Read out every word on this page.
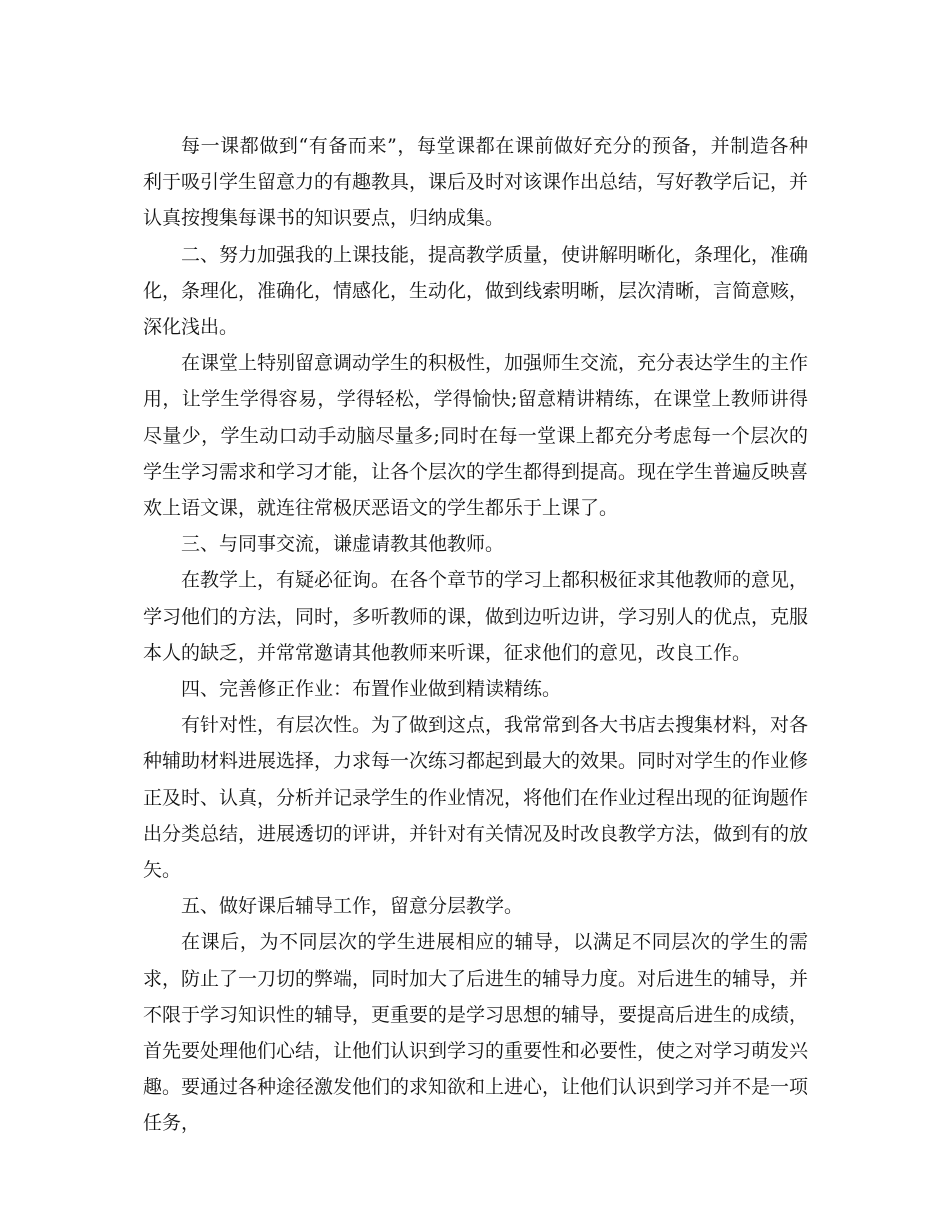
每一课都做到“有备而来”，每堂课都在课前做好充分的预备，并制造各种利于吸引学生留意力的有趣教具，课后及时对该课作出总结，写好教学后记，并认真按搜集每课书的知识要点，归纳成集。

二、努力加强我的上课技能，提高教学质量，使讲解明晰化，条理化，准确化，条理化，准确化，情感化，生动化，做到线索明晰，层次清晰，言简意赅，深化浅出。

在课堂上特别留意调动学生的积极性，加强师生交流，充分表达学生的主作用，让学生学得容易，学得轻松，学得愉快;留意精讲精练，在课堂上教师讲得尽量少，学生动口动手动脑尽量多;同时在每一堂课上都充分考虑每一个层次的学生学习需求和学习才能，让各个层次的学生都得到提高。现在学生普遍反映喜欢上语文课，就连往常极厌恶语文的学生都乐于上课了。

三、与同事交流，谦虚请教其他教师。

在教学上，有疑必征询。在各个章节的学习上都积极征求其他教师的意见，学习他们的方法，同时，多听教师的课，做到边听边讲，学习别人的优点，克服本人的缺乏，并常常邀请其他教师来听课，征求他们的意见，改良工作。

四、完善修正作业：布置作业做到精读精练。

有针对性，有层次性。为了做到这点，我常常到各大书店去搜集材料，对各种辅助材料进展选择，力求每一次练习都起到最大的效果。同时对学生的作业修正及时、认真，分析并记录学生的作业情况，将他们在作业过程出现的征询题作出分类总结，进展透切的评讲，并针对有关情况及时改良教学方法，做到有的放矢。

五、做好课后辅导工作，留意分层教学。

在课后，为不同层次的学生进展相应的辅导，以满足不同层次的学生的需求，防止了一刀切的弊端，同时加大了后进生的辅导力度。对后进生的辅导，并不限于学习知识性的辅导，更重要的是学习思想的辅导，要提高后进生的成绩，首先要处理他们心结，让他们认识到学习的重要性和必要性，使之对学习萌发兴趣。要通过各种途径激发他们的求知欲和上进心，让他们认识到学习并不是一项任务，
